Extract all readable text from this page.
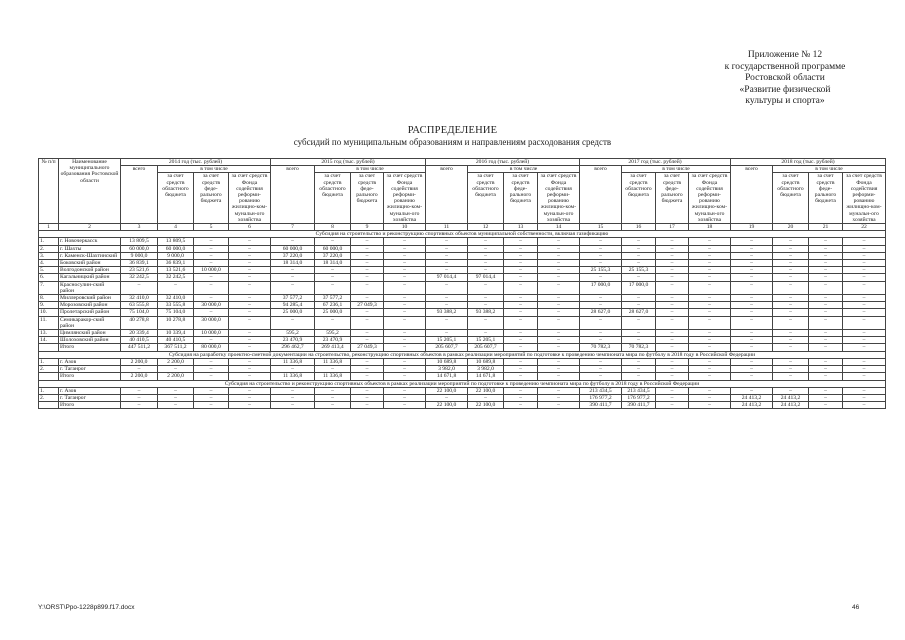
Приложение № 12
к государственной программе
Ростовской области
«Развитие физической
культуры и спорта»
РАСПРЕДЕЛЕНИЕ
субсидий по муниципальным образованиям и направлениям расходования средств
№ п/п	Наименование муниципального образования Ростовской области	2014 год (тыс. рублей)				2015 год (тыс. рублей)				2016 год (тыс. рублей)				2017 год (тыс. рублей)				2018 год (тыс. рублей)			
		всего	в том числе			всего	в том числе			всего	в том числе			всего	в том числе			всего	в том числе		
			за счет средств областного бюджета	за счет средств феде-рального бюджета	за счет средств Фонда содействия реформи-рованию жилищно-ком-мунальн-ого хозяйства		за счет средств областного бюджета	за счет средств феде-рального бюджета	за счет средств Фонда содействия реформи-рованию жилищно-ком-мунальн-ого хозяйства		за счет средств областного бюджета	за счет средств феде-рального бюджета	за счет средств Фонда содействия реформи-рованию жилищно-ком-мунальн-ого хозяйства		за счет средств областного бюджета	за счет средств феде-рального бюджета	за счет средств Фонда содействия реформи-рованию жилищно-ком-мунальн-ого хозяйства		за счет средств областного бюджета	за счет средств феде-рального бюджета	за счет средств Фонда содействия реформи-рованию жилищно-ком-мунальн-ого хозяйства
1	2	3	4	5	6	7	8	9	10	11	12	13	14	15	16	17	18	19	20	21	22
Субсидия на строительство и реконструкцию спортивных объектов муниципальной собственности, включая газификацию																					
1.	г. Новочеркасск	13 809,5	13 809,5	–	–	–	–	–	–	–	–	–	–	–	–	–	–	–	–	–	–
2.	г. Шахты	60 000,0	60 000,0	–	–	60 000,0	60 000,0	–	–	–	–	–	–	–	–	–	–	–	–	–	–
3.	г. Каменск-Шахтинский	9 000,0	9 000,0	–	–	37 220,0	37 220,0	–	–	–	–	–	–	–	–	–	–	–	–	–	–
4.	Боковский район	36 839,1	36 839,1	–	–	18 314,0	18 314,0	–	–	–	–	–	–	–	–	–	–	–	–	–	–
5.	Волгодонской район	23 521,6	13 521,6	10 000,0	–	–	–	–	–	–	–	–	–	25 155,3	25 155,3	–	–	–	–	–	–
6.	Кагальницкий район	32 242,5	32 242,5	–	–	–	–	–	–	97 014,4	97 014,4	–	–	–	–	–	–	–	–	–	–
7.	Красносулин-ский район	–	–	–	–	–	–	–	–	–	–	–	–	17 000,0	17 000,0	–	–	–	–	–	–
8.	Миллеровский район	32 410,0	32 410,0	–	–	37 577,2	37 577,2	–	–	–	–	–	–	–	–	–	–	–	–	–	–
9.	Морозовский район	63 555,8	33 555,8	30 000,0	–	94 285,4	67 236,1	27 049,3	–	–	–	–	–	–	–	–	–	–	–	–	–
10.	Пролетарский район	75 104,0	75 104,0	–	–	25 000,0	25 000,0	–	–	93 388,2	93 388,2	–	–	28 627,0	28 627,0	–	–	–	–	–	–
11.	Семикаракор-ский район	40 278,8	10 278,8	30 000,0	–	–	–	–	–	–	–	–	–	–	–	–	–	–	–	–	–
13.	Цимлянский район	20 339,4	10 339,4	10 000,0	–	595,2	595,2	–	–	–	–	–	–	–	–	–	–	–	–	–	–
14.	Шолоховский район	40 410,5	40 410,5	–	–	23 470,9	23 470,9	–	–	15 205,1	15 205,1	–	–	–	–	–	–	–	–	–	–
	Итого	447 511,2	367 511,2	80 000,0	–	296 462,7	269 413,4	27 049,3	–	205 607,7	205 607,7	–	–	70 782,3	70 782,3	–	–	–	–	–	–
Субсидия на разработку проектно-сметной документации на строительство, реконструкцию спортивных объектов в рамках реализации мероприятий по подготовке к проведению чемпионата мира по футболу в 2018 году в Российской Федерации																					
1.	г. Азов	2 200,0	2 200,0	–	–	11 336,8	11 336,8	–	–	10 689,8	10 689,8	–	–	–	–	–	–	–	–	–	–
2.	г. Таганрог	–	–	–	–	–	–	–	–	3 982,0	3 982,0	–	–	–	–	–	–	–	–	–	–
	Итого	2 200,0	2 200,0	–	–	11 336,8	11 336,8	–	–	14 671,8	14 671,8	–	–	–	–	–	–	–	–	–	–
Субсидия на строительство и реконструкцию спортивных объектов в рамках реализации мероприятий по подготовке к проведению чемпионата мира по футболу в 2018 году в Российской Федерации																					
1.	г. Азов	–	–	–	–	–	–	–	–	22 100,0	22 100,0	–	–	213 434,5	213 434,5	–	–	–	–	–	–
2.	г. Таганрог	–	–	–	–	–	–	–	–	–	–	–	–	176 977,2	176 977,2	–	–	24 413,2	24 413,2	–	–
	Итого	–	–	–	–	–	–	–	–	22 100,0	22 100,0	–	–	390 411,7	390 411,7	–	–	24 413,2	24 413,2	–	–
Y:\ORST\Ppo-1228p899.f17.docx	46
